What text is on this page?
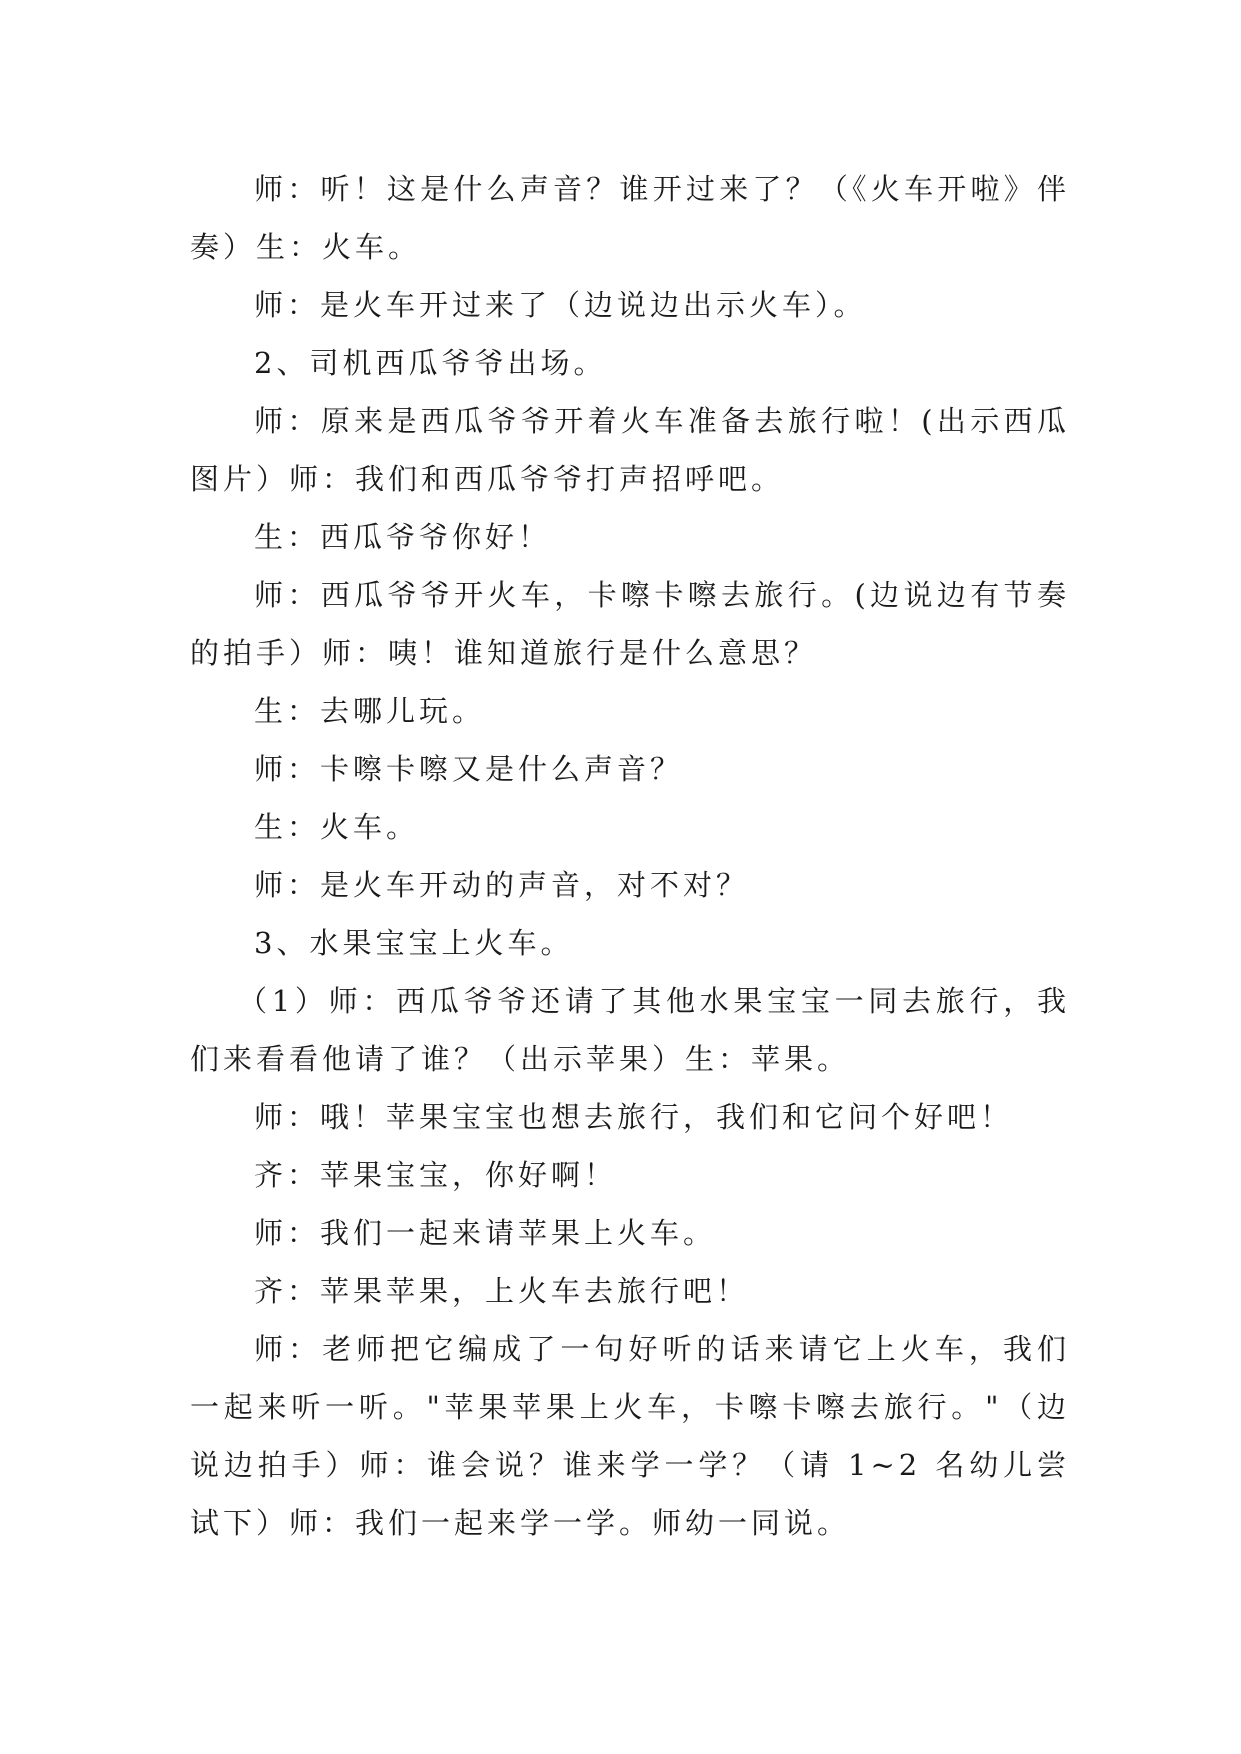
师：听！这是什么声音？谁开过来了？（《火车开啦》伴奏）生：火车。

师：是火车开过来了（边说边出示火车）。

2、司机西瓜爷爷出场。

师：原来是西瓜爷爷开着火车准备去旅行啦！(出示西瓜图片）师：我们和西瓜爷爷打声招呼吧。

生：西瓜爷爷你好！

师：西瓜爷爷开火车，卡嚓卡嚓去旅行。(边说边有节奏的拍手）师：咦！谁知道旅行是什么意思？

生：去哪儿玩。

师：卡嚓卡嚓又是什么声音？

生：火车。

师：是火车开动的声音，对不对？

3、水果宝宝上火车。

（1）师：西瓜爷爷还请了其他水果宝宝一同去旅行，我们来看看他请了谁？（出示苹果）生：苹果。

师：哦！苹果宝宝也想去旅行，我们和它问个好吧！

齐：苹果宝宝，你好啊！

师：我们一起来请苹果上火车。

齐：苹果苹果，上火车去旅行吧！

师：老师把它编成了一句好听的话来请它上火车，我们一起来听一听。"苹果苹果上火车，卡嚓卡嚓去旅行。"（边说边拍手）师：谁会说？谁来学一学？（请 1~2 名幼儿尝试下）师：我们一起来学一学。师幼一同说。
